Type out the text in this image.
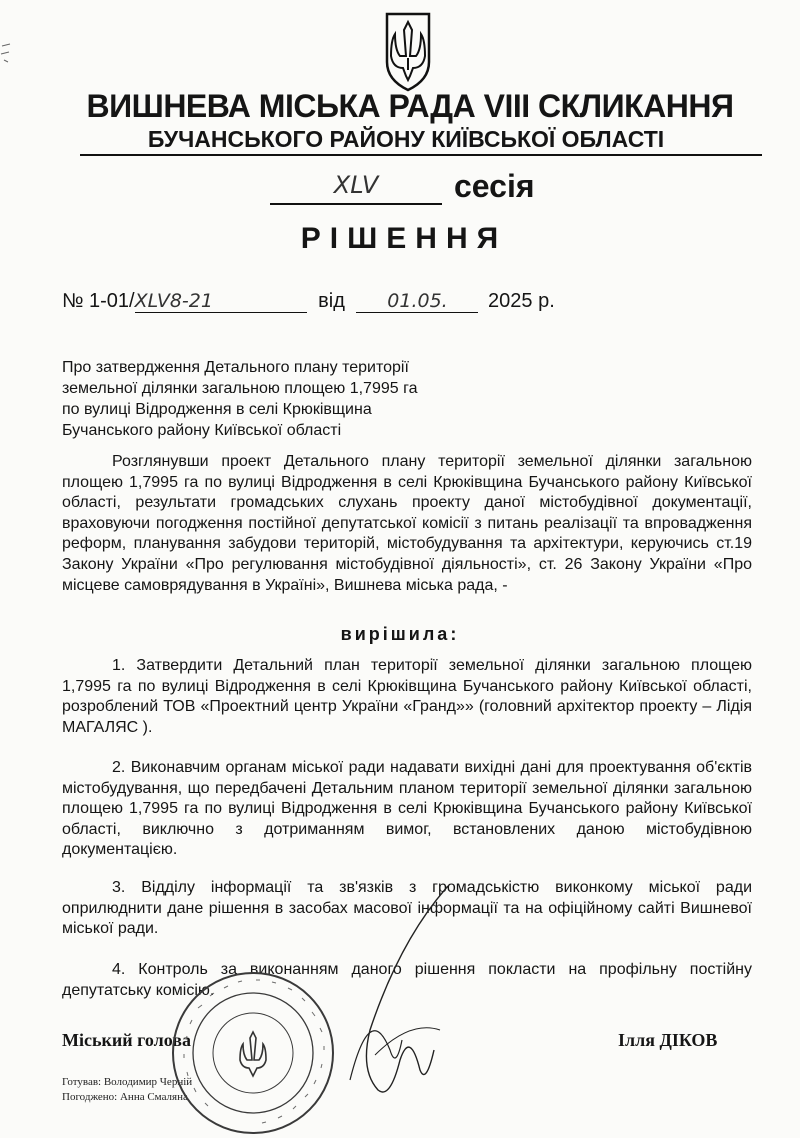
ВИШНЕВА МІСЬКА РАДА VIII СКЛИКАННЯ
БУЧАНСЬКОГО РАЙОНУ КИЇВСЬКОЇ ОБЛАСТІ
XLV сесія
РІШЕННЯ
№ 1-01/XLV8-21	від 01.05. 2025 р.
Про затвердження Детального плану території
земельної ділянки загальною площею 1,7995 га
по вулиці Відродження в селі Крюківщина
Бучанського району Київської області
Розглянувши проект Детального плану території земельної ділянки загальною площею 1,7995 га по вулиці Відродження в селі Крюківщина Бучанського району Київської області, результати громадських слухань проекту даної містобудівної документації, враховуючи погодження постійної депутатської комісії з питань реалізації та впровадження реформ, планування забудови територій, містобудування та архітектури, керуючись ст.19 Закону України «Про регулювання містобудівної діяльності», ст. 26 Закону України «Про місцеве самоврядування в Україні», Вишнева міська рада, -
вирішила:
1. Затвердити Детальний план території земельної ділянки загальною площею 1,7995 га по вулиці Відродження в селі Крюківщина Бучанського району Київської області, розроблений ТОВ «Проектний центр України «Гранд»» (головний архітектор проекту – Лідія МАГАЛЯС ).
2. Виконавчим органам міської ради надавати вихідні дані для проектування об'єктів містобудування, що передбачені Детальним планом території земельної ділянки загальною площею 1,7995 га по вулиці Відродження в селі Крюківщина Бучанського району Київської області, виключно з дотриманням вимог, встановлених даною містобудівною документацією.
3. Відділу інформації та зв'язків з громадськістю виконкому міської ради оприлюднити дане рішення в засобах масової інформації та на офіційному сайті Вишневої міської ради.
4. Контроль за виконанням даного рішення покласти на профільну постійну депутатську комісію.
Міський голова	Ілля ДІКОВ
Готував: Володимир Черній
Погоджено: Анна Смаляна
